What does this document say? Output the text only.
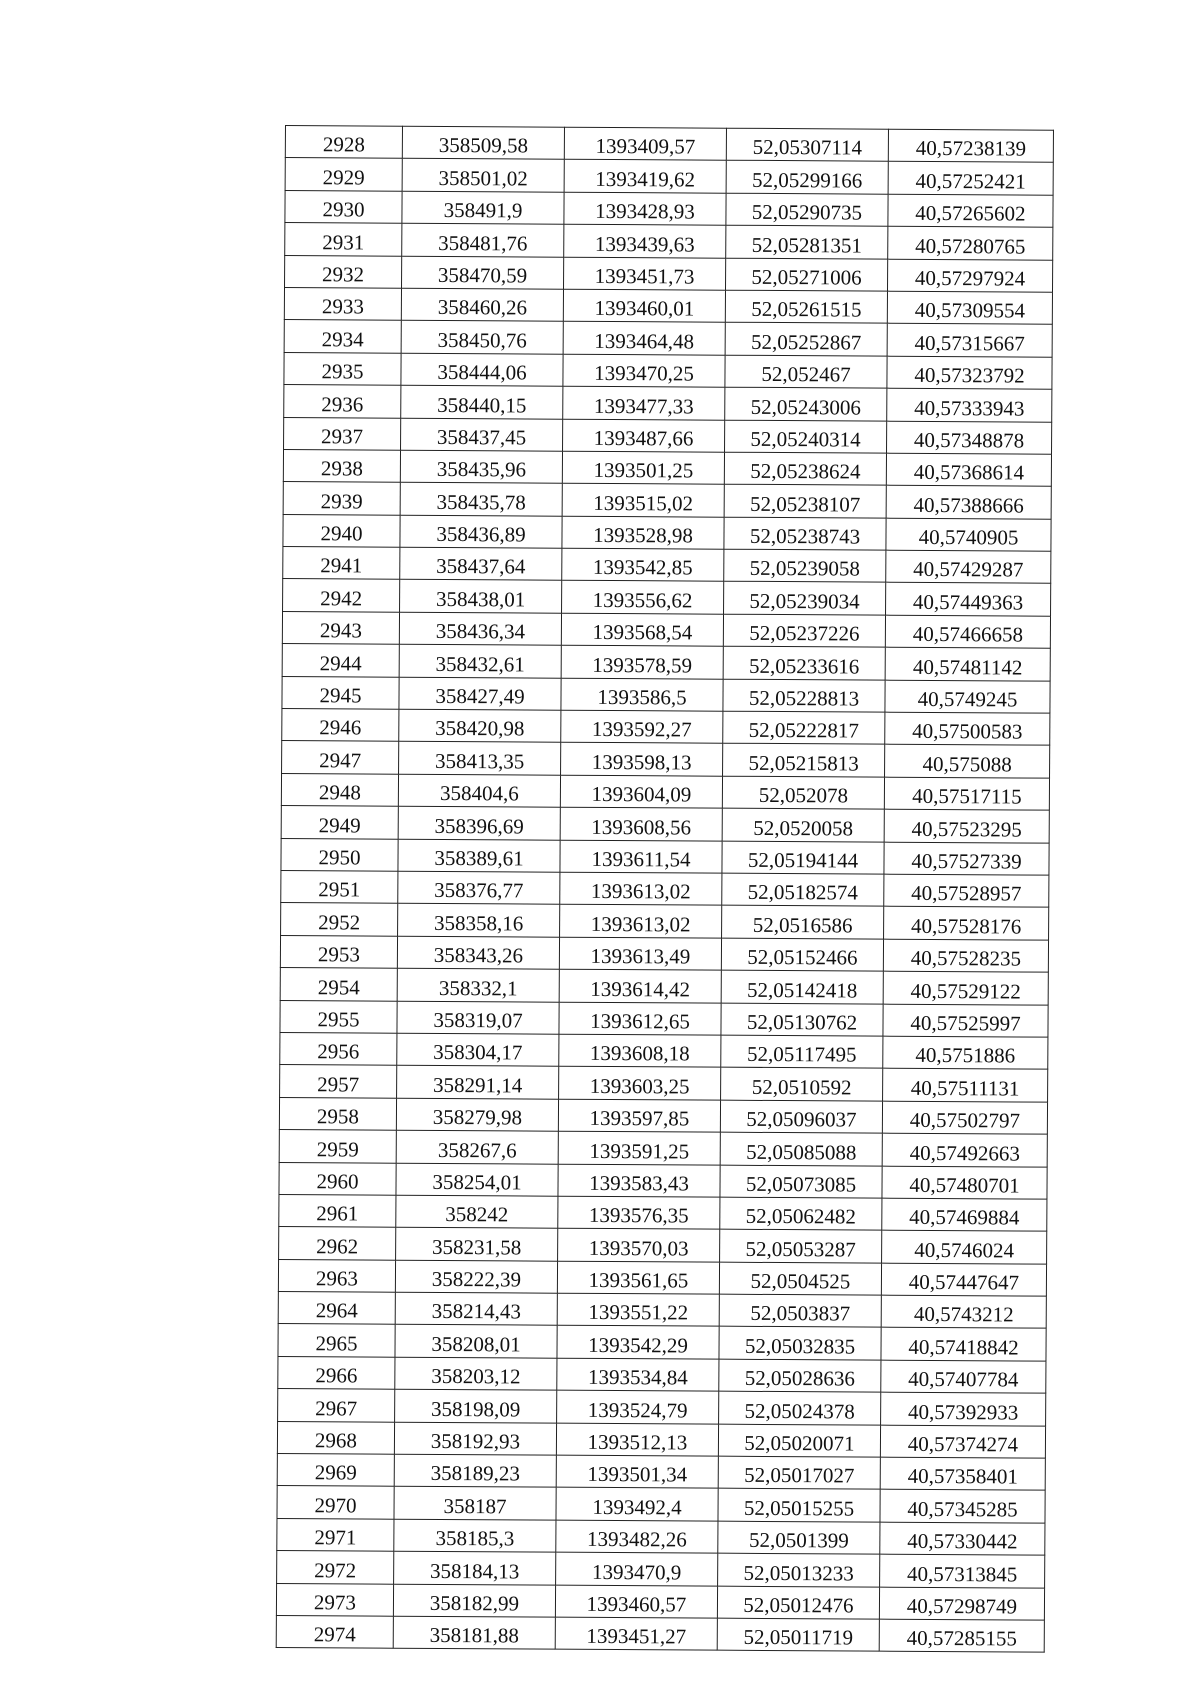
2928	358509,58	1393409,57	52,05307114	40,57238139
2929	358501,02	1393419,62	52,05299166	40,57252421
2930	358491,9	1393428,93	52,05290735	40,57265602
2931	358481,76	1393439,63	52,05281351	40,57280765
2932	358470,59	1393451,73	52,05271006	40,57297924
2933	358460,26	1393460,01	52,05261515	40,57309554
2934	358450,76	1393464,48	52,05252867	40,57315667
2935	358444,06	1393470,25	52,052467	40,57323792
2936	358440,15	1393477,33	52,05243006	40,57333943
2937	358437,45	1393487,66	52,05240314	40,57348878
2938	358435,96	1393501,25	52,05238624	40,57368614
2939	358435,78	1393515,02	52,05238107	40,57388666
2940	358436,89	1393528,98	52,05238743	40,5740905
2941	358437,64	1393542,85	52,05239058	40,57429287
2942	358438,01	1393556,62	52,05239034	40,57449363
2943	358436,34	1393568,54	52,05237226	40,57466658
2944	358432,61	1393578,59	52,05233616	40,57481142
2945	358427,49	1393586,5	52,05228813	40,5749245
2946	358420,98	1393592,27	52,05222817	40,57500583
2947	358413,35	1393598,13	52,05215813	40,575088
2948	358404,6	1393604,09	52,052078	40,57517115
2949	358396,69	1393608,56	52,0520058	40,57523295
2950	358389,61	1393611,54	52,05194144	40,57527339
2951	358376,77	1393613,02	52,05182574	40,57528957
2952	358358,16	1393613,02	52,0516586	40,57528176
2953	358343,26	1393613,49	52,05152466	40,57528235
2954	358332,1	1393614,42	52,05142418	40,57529122
2955	358319,07	1393612,65	52,05130762	40,57525997
2956	358304,17	1393608,18	52,05117495	40,5751886
2957	358291,14	1393603,25	52,0510592	40,57511131
2958	358279,98	1393597,85	52,05096037	40,57502797
2959	358267,6	1393591,25	52,05085088	40,57492663
2960	358254,01	1393583,43	52,05073085	40,57480701
2961	358242	1393576,35	52,05062482	40,57469884
2962	358231,58	1393570,03	52,05053287	40,5746024
2963	358222,39	1393561,65	52,0504525	40,57447647
2964	358214,43	1393551,22	52,0503837	40,5743212
2965	358208,01	1393542,29	52,05032835	40,57418842
2966	358203,12	1393534,84	52,05028636	40,57407784
2967	358198,09	1393524,79	52,05024378	40,57392933
2968	358192,93	1393512,13	52,05020071	40,57374274
2969	358189,23	1393501,34	52,05017027	40,57358401
2970	358187	1393492,4	52,05015255	40,57345285
2971	358185,3	1393482,26	52,0501399	40,57330442
2972	358184,13	1393470,9	52,05013233	40,57313845
2973	358182,99	1393460,57	52,05012476	40,57298749
2974	358181,88	1393451,27	52,05011719	40,57285155
